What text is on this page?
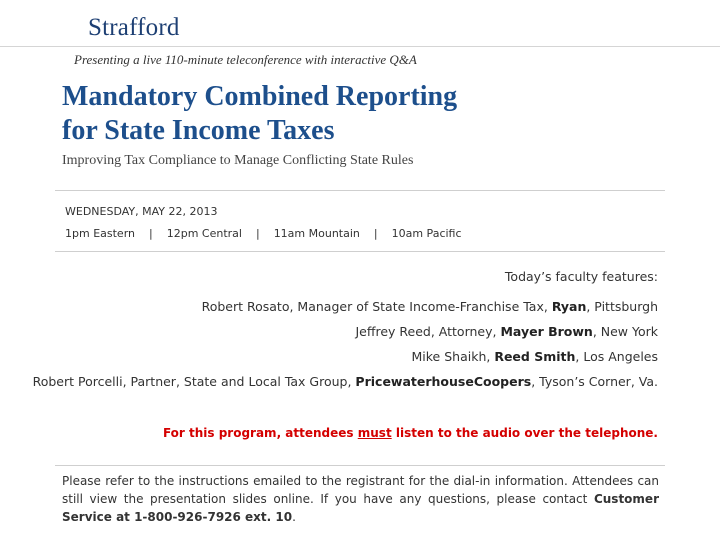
Strafford
Presenting a live 110-minute teleconference with interactive Q&A
Mandatory Combined Reporting
for State Income Taxes
Improving Tax Compliance to Manage Conflicting State Rules
WEDNESDAY, MAY 22, 2013
1pm Eastern | 12pm Central | 11am Mountain | 10am Pacific
Today’s faculty features:
Robert Rosato, Manager of State Income-Franchise Tax, Ryan, Pittsburgh
Jeffrey Reed, Attorney, Mayer Brown, New York
Mike Shaikh, Reed Smith, Los Angeles
Robert Porcelli, Partner, State and Local Tax Group, PricewaterhouseCoopers, Tyson’s Corner, Va.
For this program, attendees must listen to the audio over the telephone.
Please refer to the instructions emailed to the registrant for the dial-in information. Attendees can still view the presentation slides online. If you have any questions, please contact Customer Service at 1-800-926-7926 ext. 10.
